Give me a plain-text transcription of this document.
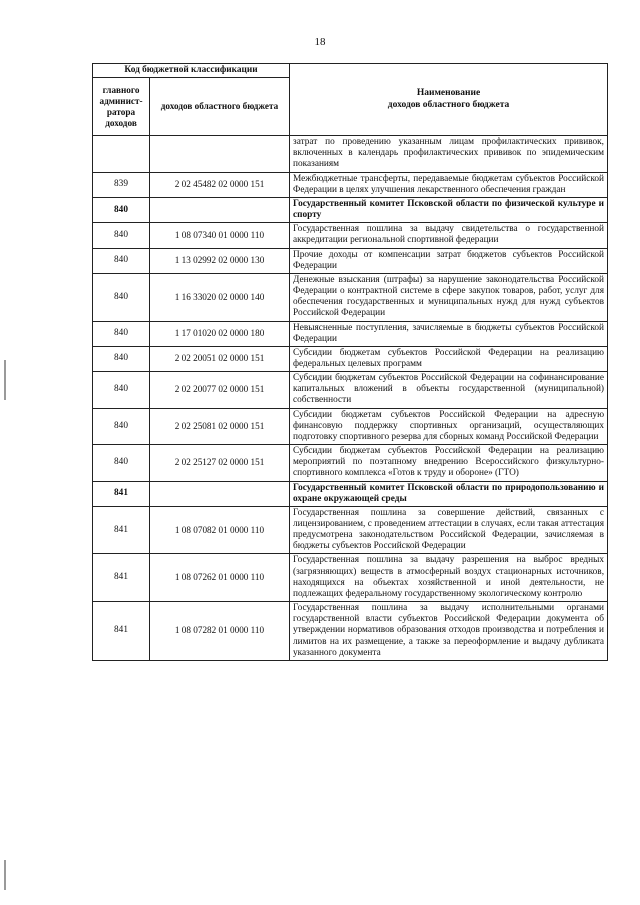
18
Код бюджетной классификации		Наименование
доходов областного бюджета
главного админист-ратора доходов	доходов областного бюджета	
		затрат по проведению указанным лицам профилактических прививок, включенных в календарь профилактических прививок по эпидемическим показаниям
839	2 02 45482 02 0000 151	Межбюджетные трансферты, передаваемые бюджетам субъектов Российской Федерации в целях улучшения лекарственного обеспечения граждан
840		Государственный комитет Псковской области по физической культуре и спорту
840	1 08 07340 01 0000 110	Государственная пошлина за выдачу свидетельства о государственной аккредитации региональной спортивной федерации
840	1 13 02992 02 0000 130	Прочие доходы от компенсации затрат бюджетов субъектов Российской Федерации
840	1 16 33020 02 0000 140	Денежные взыскания (штрафы) за нарушение законодательства Российской Федерации о контрактной системе в сфере закупок товаров, работ, услуг для обеспечения государственных и муниципальных нужд для нужд субъектов Российской Федерации
840	1 17 01020 02 0000 180	Невыясненные поступления, зачисляемые в бюджеты субъектов Российской Федерации
840	2 02 20051 02 0000 151	Субсидии бюджетам субъектов Российской Федерации на реализацию федеральных целевых программ
840	2 02 20077 02 0000 151	Субсидии бюджетам субъектов Российской Федерации на софинансирование капитальных вложений в объекты государственной (муниципальной) собственности
840	2 02 25081 02 0000 151	Субсидии бюджетам субъектов Российской Федерации на адресную финансовую поддержку спортивных организаций, осуществляющих подготовку спортивного резерва для сборных команд Российской Федерации
840	2 02 25127 02 0000 151	Субсидии бюджетам субъектов Российской Федерации на реализацию мероприятий по поэтапному внедрению Всероссийского физкультурно-спортивного комплекса «Готов к труду и обороне» (ГТО)
841		Государственный комитет Псковской области по природопользованию и охране окружающей среды
841	1 08 07082 01 0000 110	Государственная пошлина за совершение действий, связанных с лицензированием, с проведением аттестации в случаях, если такая аттестация предусмотрена законодательством Российской Федерации, зачисляемая в бюджеты субъектов Российской Федерации
841	1 08 07262 01 0000 110	Государственная пошлина за выдачу разрешения на выброс вредных (загрязняющих) веществ в атмосферный воздух стационарных источников, находящихся на объектах хозяйственной и иной деятельности, не подлежащих федеральному государственному экологическому контролю
841	1 08 07282 01 0000 110	Государственная пошлина за выдачу исполнительными органами государственной власти субъектов Российской Федерации документа об утверждении нормативов образования отходов производства и потребления и лимитов на их размещение, а также за переоформление и выдачу дубликата указанного документа
